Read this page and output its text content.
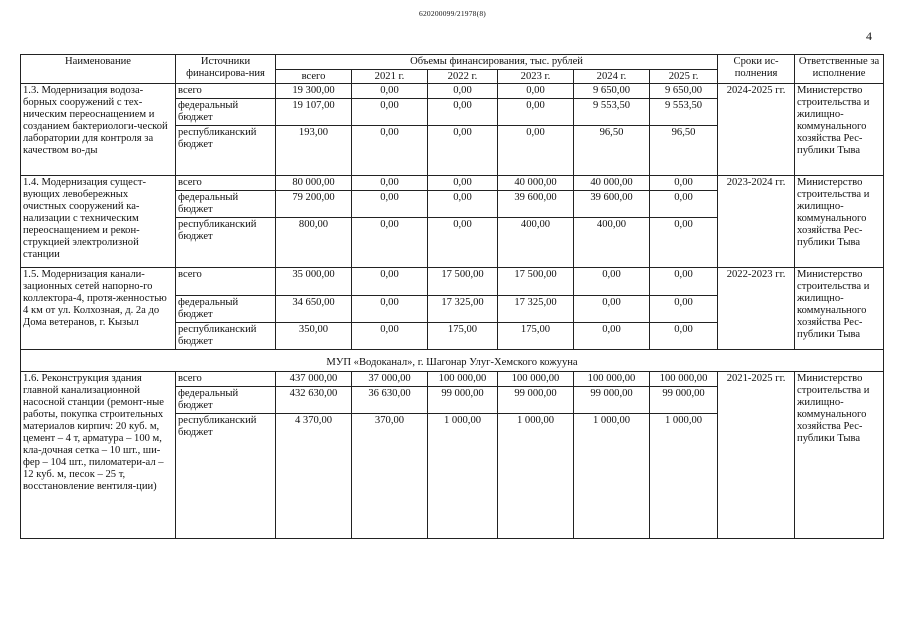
620200099/21978(8)
4
Наименование	Источники финансирова-ния	Объемы финансирования, тыс. рублей						Сроки ис-полнения	Ответственные за исполнение
		всего	2021 г.	2022 г.	2023 г.	2024 г.	2025 г.		
1.3. Модернизация водоза-борных сооружений с тех-ническим переоснащением и созданием бактериологи-ческой лаборатории для контроля за качеством во-ды	всего	19 300,00	0,00	0,00	0,00	9 650,00	9 650,00	2024-2025 гг.	Министерство строительства и жилищно-коммунального хозяйства Рес-публики Тыва
	федеральный бюджет	19 107,00	0,00	0,00	0,00	9 553,50	9 553,50		
	республиканский бюджет	193,00	0,00	0,00	0,00	96,50	96,50		
1.4. Модернизация сущест-вующих левобережных очистных сооружений ка-нализации с техническим переоснащением и рекон-струкцией электролизной станции	всего	80 000,00	0,00	0,00	40 000,00	40 000,00	0,00	2023-2024 гг.	Министерство строительства и жилищно-коммунального хозяйства Рес-публики Тыва
	федеральный бюджет	79 200,00	0,00	0,00	39 600,00	39 600,00	0,00		
	республиканский бюджет	800,00	0,00	0,00	400,00	400,00	0,00		
1.5. Модернизация канали-зационных сетей напорно-го коллектора-4, протя-женностью 4 км от ул. Колхозная, д. 2а до Дома ветеранов, г. Кызыл	всего	35 000,00	0,00	17 500,00	17 500,00	0,00	0,00	2022-2023 гг.	Министерство строительства и жилищно-коммунального хозяйства Рес-публики Тыва
	федеральный бюджет	34 650,00	0,00	17 325,00	17 325,00	0,00	0,00		
	республиканский бюджет	350,00	0,00	175,00	175,00	0,00	0,00		
МУП «Водоканал», г. Шагонар Улуг-Хемского кожууна									
1.6. Реконструкция здания главной канализационной насосной станции (ремонт-ные работы, покупка строительных материалов кирпич: 20 куб. м, цемент – 4 т, арматура – 100 м, кла-дочная сетка – 10 шт., ши-фер – 104 шт., пиломатери-ал – 12 куб. м, песок – 25 т, восстановление вентиля-ции)	всего	437 000,00	37 000,00	100 000,00	100 000,00	100 000,00	100 000,00	2021-2025 гг.	Министерство строительства и жилищно-коммунального хозяйства Рес-публики Тыва
	федеральный бюджет	432 630,00	36 630,00	99 000,00	99 000,00	99 000,00	99 000,00		
	республиканский бюджет	4 370,00	370,00	1 000,00	1 000,00	1 000,00	1 000,00		
